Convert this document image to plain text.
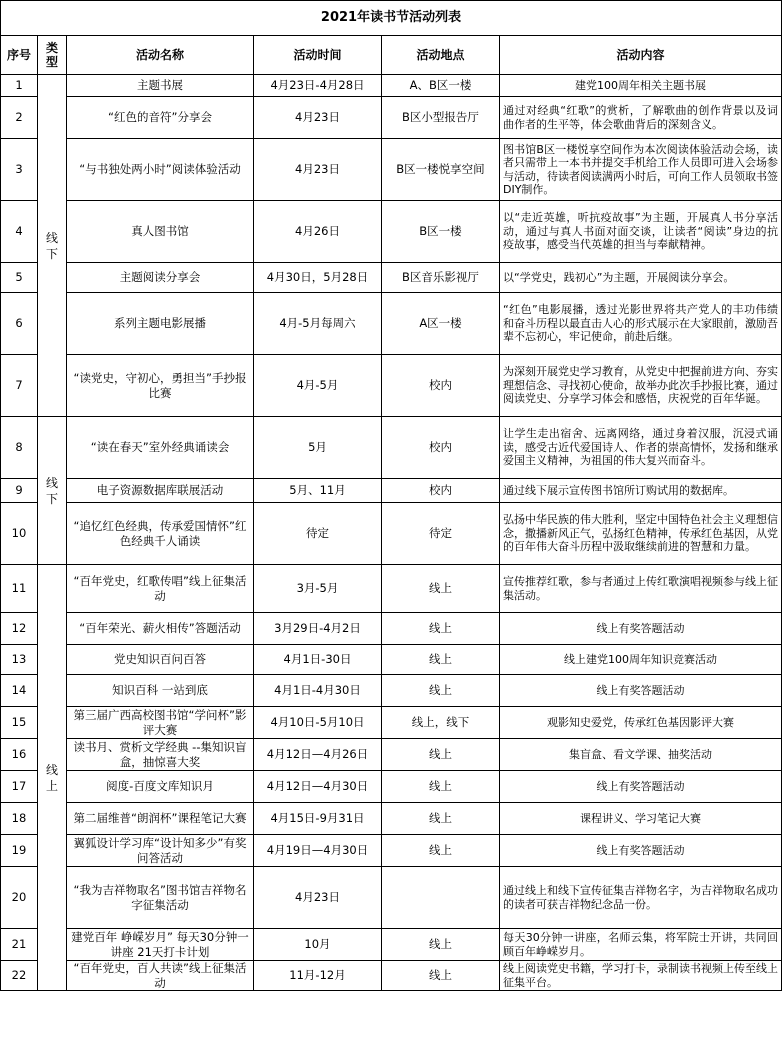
2021年读书节活动列表					
序号	类型	活动名称	活动时间	活动地点	活动内容
1	线下	主题书展	4月23日-4月28日	A、B区一楼	建党100周年相关主题书展
2		“红色的音符”分享会	4月23日	B区小型报告厅	通过对经典“红歌”的赏析，了解歌曲的创作背景以及词曲作者的生平等，体会歌曲背后的深刻含义。
3		“与书独处两小时”阅读体验活动	4月23日	B区一楼悦享空间	图书馆B区一楼悦享空间作为本次阅读体验活动会场，读者只需带上一本书并提交手机给工作人员即可进入会场参与活动，待读者阅读满两小时后，可向工作人员领取书签DIY制作。
4		真人图书馆	4月26日	B区一楼	以“走近英雄，听抗疫故事”为主题，开展真人书分享活动，通过与真人书面对面交谈，让读者“阅读”身边的抗疫故事，感受当代英雄的担当与奉献精神。
5		主题阅读分享会	4月30日，5月28日	B区音乐影视厅	以“学党史，践初心”为主题，开展阅读分享会。
6		系列主题电影展播	4月-5月每周六	A区一楼	“红色”电影展播，透过光影世界将共产党人的丰功伟绩和奋斗历程以最直击人心的形式展示在大家眼前，激励吾辈不忘初心，牢记使命，前赴后继。
7		“读党史，守初心，勇担当”手抄报比赛	4月-5月	校内	为深刻开展党史学习教育，从党史中把握前进方向、夯实理想信念、寻找初心使命，故举办此次手抄报比赛，通过阅读党史、分享学习体会和感悟，庆祝党的百年华诞。
8	线下	“读在春天”室外经典诵读会	5月	校内	让学生走出宿舍、远离网络，通过身着汉服，沉浸式诵读，感受古近代爱国诗人、作者的崇高情怀，发扬和继承爱国主义精神，为祖国的伟大复兴而奋斗。
9		电子资源数据库联展活动	5月、11月	校内	通过线下展示宣传图书馆所订购试用的数据库。
10		“追忆红色经典，传承爱国情怀”红色经典千人诵读	待定	待定	弘扬中华民族的伟大胜利，坚定中国特色社会主义理想信念，撒播新风正气，弘扬红色精神，传承红色基因，从党的百年伟大奋斗历程中汲取继续前进的智慧和力量。
11	线上	“百年党史，红歌传唱”线上征集活动	3月-5月	线上	宣传推荐红歌，参与者通过上传红歌演唱视频参与线上征集活动。
12		“百年荣光、薪火相传”答题活动	3月29日-4月2日	线上	线上有奖答题活动
13		党史知识百问百答	4月1日-30日	线上	线上建党100周年知识竞赛活动
14		知识百科 一站到底	4月1日-4月30日	线上	线上有奖答题活动
15		第三届广西高校图书馆“学问杯”影评大赛	4月10日-5月10日	线上，线下	观影知史爱党，传承红色基因影评大赛
16		读书月、赏析文学经典 --集知识盲盒，抽惊喜大奖	4月12日—4月26日	线上	集盲盒、看文学课、抽奖活动
17		阅度-百度文库知识月	4月12日—4月30日	线上	线上有奖答题活动
18		第二届维普“朗润杯”课程笔记大赛	4月15日-9月31日	线上	课程讲义、学习笔记大赛
19		翼狐设计学习库“设计知多少”有奖问答活动	4月19日—4月30日	线上	线上有奖答题活动
20		“我为吉祥物取名”图书馆吉祥物名字征集活动	4月23日		通过线上和线下宣传征集吉祥物名字，为吉祥物取名成功的读者可获吉祥物纪念品一份。
21		建党百年 峥嵘岁月” 每天30分钟一讲座 21天打卡计划	10月	线上	每天30分钟一讲座，名师云集，将军院士开讲，共同回顾百年峥嵘岁月。
22		“百年党史，百人共读”线上征集活动	11月-12月	线上	线上阅读党史书籍，学习打卡，录制读书视频上传至线上征集平台。
